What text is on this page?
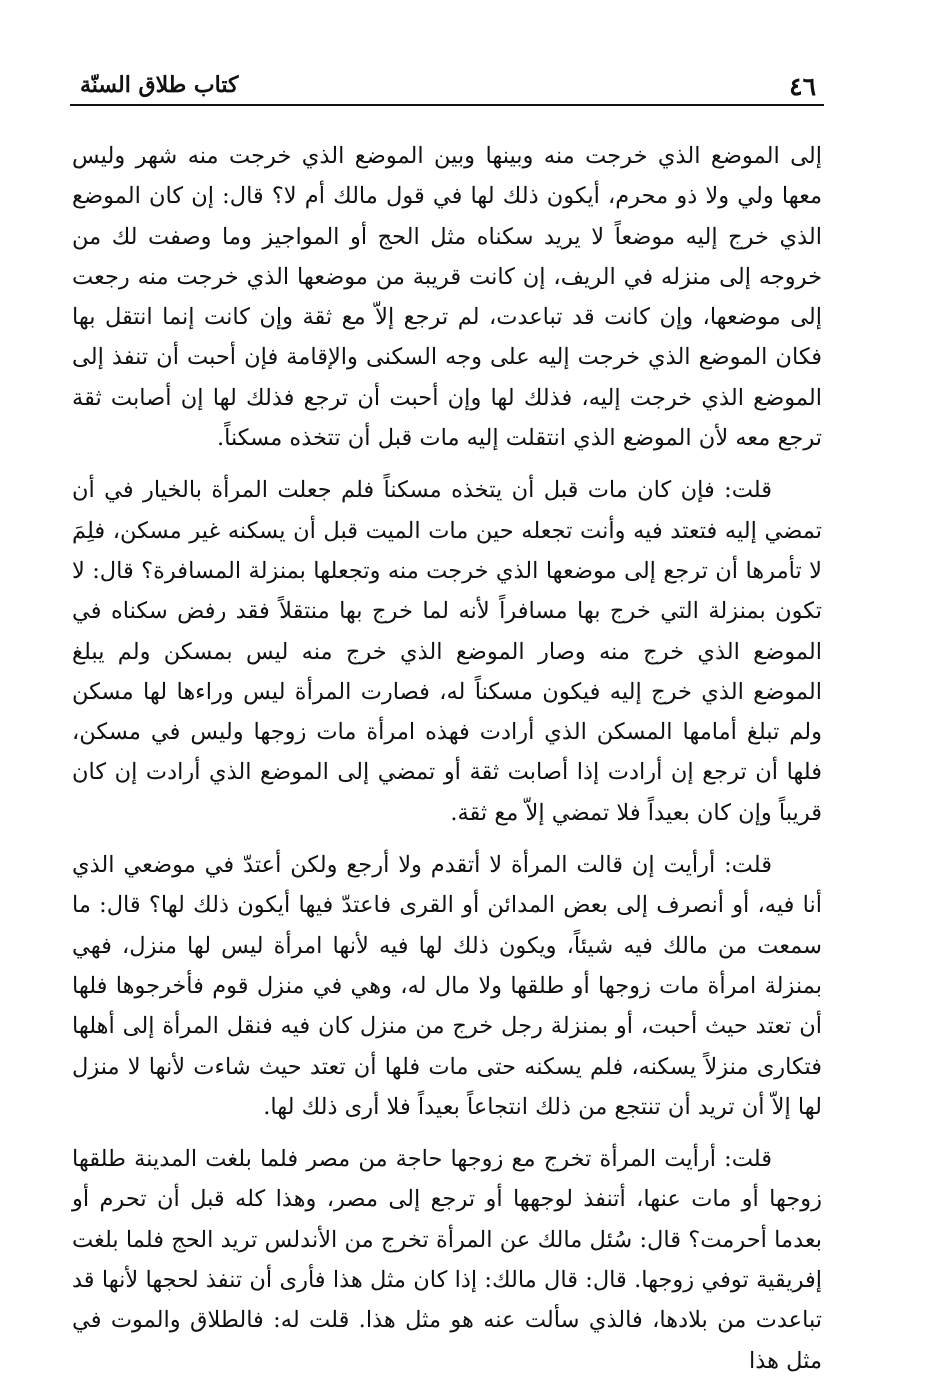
٤٦
كتاب طلاق السنّة

إلى الموضع الذي خرجت منه وبينها وبين الموضع الذي خرجت منه شهر وليس معها ولي ولا ذو محرم، أيكون ذلك لها في قول مالك أم لا؟ قال: إن كان الموضع الذي خرج إليه موضعاً لا يريد سكناه مثل الحج أو المواجيز وما وصفت لك من خروجه إلى منزله في الريف، إن كانت قريبة من موضعها الذي خرجت منه رجعت إلى موضعها، وإن كانت قد تباعدت، لم ترجع إلاّ مع ثقة وإن كانت إنما انتقل بها فكان الموضع الذي خرجت إليه على وجه السكنى والإقامة فإن أحبت أن تنفذ إلى الموضع الذي خرجت إليه، فذلك لها وإن أحبت أن ترجع فذلك لها إن أصابت ثقة ترجع معه لأن الموضع الذي انتقلت إليه مات قبل أن تتخذه مسكناً.

قلت: فإن كان مات قبل أن يتخذه مسكناً فلم جعلت المرأة بالخيار في أن تمضي إليه فتعتد فيه وأنت تجعله حين مات الميت قبل أن يسكنه غير مسكن، فلِمَ لا تأمرها أن ترجع إلى موضعها الذي خرجت منه وتجعلها بمنزلة المسافرة؟ قال: لا تكون بمنزلة التي خرج بها مسافراً لأنه لما خرج بها منتقلاً فقد رفض سكناه في الموضع الذي خرج منه وصار الموضع الذي خرج منه ليس بمسكن ولم يبلغ الموضع الذي خرج إليه فيكون مسكناً له، فصارت المرأة ليس وراءها لها مسكن ولم تبلغ أمامها المسكن الذي أرادت فهذه امرأة مات زوجها وليس في مسكن، فلها أن ترجع إن أرادت إذا أصابت ثقة أو تمضي إلى الموضع الذي أرادت إن كان قريباً وإن كان بعيداً فلا تمضي إلاّ مع ثقة.

قلت: أرأيت إن قالت المرأة لا أتقدم ولا أرجع ولكن أعتدّ في موضعي الذي أنا فيه، أو أنصرف إلى بعض المدائن أو القرى فاعتدّ فيها أيكون ذلك لها؟ قال: ما سمعت من مالك فيه شيئاً، ويكون ذلك لها فيه لأنها امرأة ليس لها منزل، فهي بمنزلة امرأة مات زوجها أو طلقها ولا مال له، وهي في منزل قوم فأخرجوها فلها أن تعتد حيث أحبت، أو بمنزلة رجل خرج من منزل كان فيه فنقل المرأة إلى أهلها فتكارى منزلاً يسكنه، فلم يسكنه حتى مات فلها أن تعتد حيث شاءت لأنها لا منزل لها إلاّ أن تريد أن تنتجع من ذلك انتجاعاً بعيداً فلا أرى ذلك لها.

قلت: أرأيت المرأة تخرج مع زوجها حاجة من مصر فلما بلغت المدينة طلقها زوجها أو مات عنها، أتنفذ لوجهها أو ترجع إلى مصر، وهذا كله قبل أن تحرم أو بعدما أحرمت؟ قال: سُئل مالك عن المرأة تخرج من الأندلس تريد الحج فلما بلغت إفريقية توفي زوجها. قال: قال مالك: إذا كان مثل هذا فأرى أن تنفذ لحجها لأنها قد تباعدت من بلادها، فالذي سألت عنه هو مثل هذا. قلت له: فالطلاق والموت في مثل هذا
